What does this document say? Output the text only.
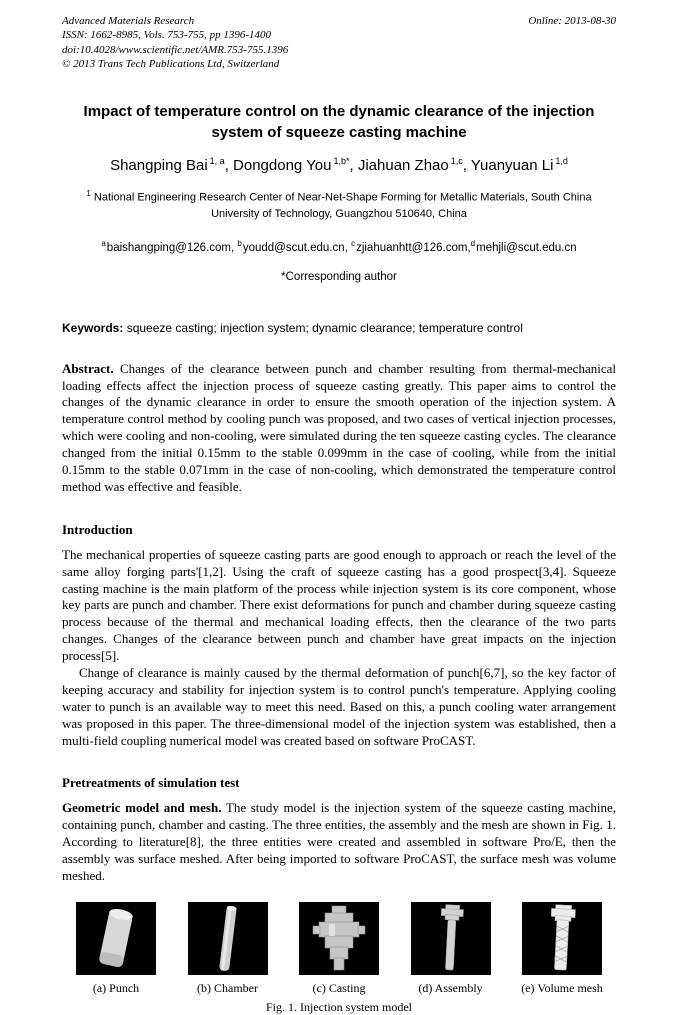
Advanced Materials Research	Online: 2013-08-30
ISSN: 1662-8985, Vols. 753-755, pp 1396-1400
doi:10.4028/www.scientific.net/AMR.753-755.1396
© 2013 Trans Tech Publications Ltd, Switzerland
Impact of temperature control on the dynamic clearance of the injection system of squeeze casting machine
Shangping Bai $^{1, a}$, Dongdong You $^{1,b*}$, Jiahuan Zhao $^{1,c}$, Yuanyuan Li $^{1,d}$
$^1$ National Engineering Research Center of Near-Net-Shape Forming for Metallic Materials, South China University of Technology, Guangzhou 510640, China
$^a$baishangping@126.com, $^b$youdd@scut.edu.cn, $^c$zjiahuanhtt@126.com,$^d$mehjli@scut.edu.cn
*Corresponding author
Keywords: squeeze casting; injection system; dynamic clearance; temperature control

Abstract. Changes of the clearance between punch and chamber resulting from thermal-mechanical loading effects affect the injection process of squeeze casting greatly. This paper aims to control the changes of the dynamic clearance in order to ensure the smooth operation of the injection system. A temperature control method by cooling punch was proposed, and two cases of vertical injection processes, which were cooling and non-cooling, were simulated during the ten squeeze casting cycles. The clearance changed from the initial 0.15mm to the stable 0.099mm in the case of cooling, while from the initial 0.15mm to the stable 0.071mm in the case of non-cooling, which demonstrated the temperature control method was effective and feasible.

Introduction

The mechanical properties of squeeze casting parts are good enough to approach or reach the level of the same alloy forging parts'[1,2]. Using the craft of squeeze casting has a good prospect[3,4]. Squeeze casting machine is the main platform of the process while injection system is its core component, whose key parts are punch and chamber. There exist deformations for punch and chamber during squeeze casting process because of the thermal and mechanical loading effects, then the clearance of the two parts changes. Changes of the clearance between punch and chamber have great impacts on the injection process[5].

Change of clearance is mainly caused by the thermal deformation of punch[6,7], so the key factor of keeping accuracy and stability for injection system is to control punch's temperature. Applying cooling water to punch is an available way to meet this need. Based on this, a punch cooling water arrangement was proposed in this paper. The three-dimensional model of the injection system was established, then a multi-field coupling numerical model was created based on software ProCAST.

Pretreatments of simulation test

Geometric model and mesh. The study model is the injection system of the squeeze casting machine, containing punch, chamber and casting. The three entities, the assembly and the mesh are shown in Fig. 1. According to literature[8], the three entities were created and assembled in software Pro/E, then the assembly was surface meshed. After being imported to software ProCAST, the surface mesh was volume meshed.

(a) Punch	(b) Chamber	(c) Casting	(d) Assembly	(e) Volume mesh
Fig. 1. Injection system model
